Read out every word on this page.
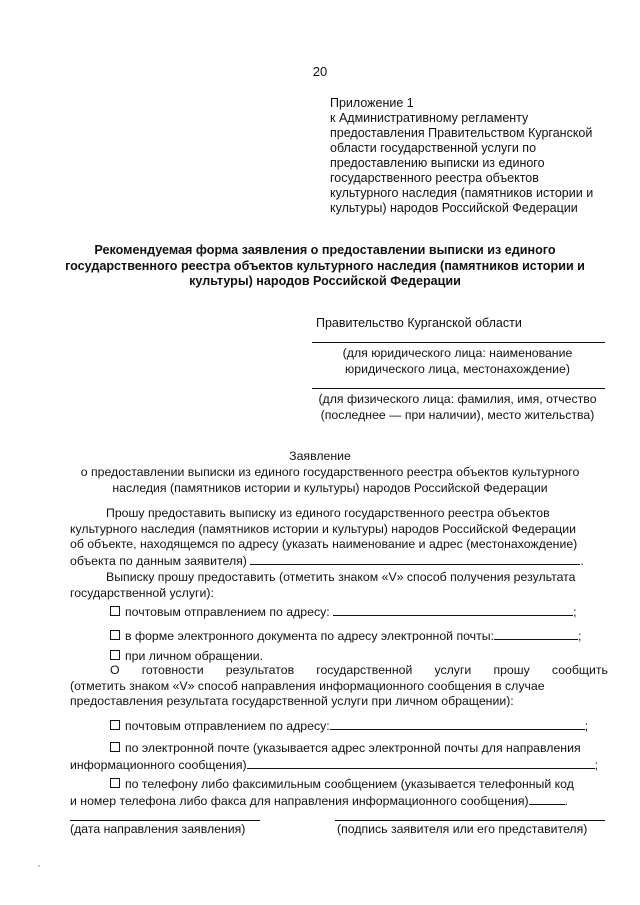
20
Приложение 1
к Административному регламенту
предоставления Правительством Курганской
области государственной услуги по
предоставлению выписки из единого
государственного реестра объектов
культурного наследия (памятников истории и
культуры) народов Российской Федерации
Рекомендуемая форма заявления о предоставлении выписки из единого
государственного реестра объектов культурного наследия (памятников истории и
культуры) народов Российской Федерации
Правительство Курганской области
(для юридического лица: наименование
юридического лица, местонахождение)
(для физического лица: фамилия, имя, отчество
(последнее — при наличии), место жительства)
Заявление
о предоставлении выписки из единого государственного реестра объектов культурного
наследия (памятников истории и культуры) народов Российской Федерации
Прошу предоставить выписку из единого государственного реестра объектов
культурного наследия (памятников истории и культуры) народов Российской Федерации
об объекте, находящемся по адресу (указать наименование и адрес (местонахождение)
объекта по данным заявителя)	.
Выписку прошу предоставить (отметить знаком «V» способ получения результата
государственной услуги):
почтовым отправлением по адресу:	;
в форме электронного документа по адресу электронной почты:	;
при личном обращении.
О готовности результатов государственной услуги прошу сообщить
(отметить знаком «V» способ направления информационного сообщения в случае
предоставления результата государственной услуги при личном обращении):
почтовым отправлением по адресу:	;
по электронной почте (указывается адрес электронной почты для направления
информационного сообщения)	;
по телефону либо факсимильным сообщением (указывается телефонный код
и номер телефона либо факса для направления информационного сообщения)	.
(дата направления заявления)	(подпись заявителя или его представителя)
